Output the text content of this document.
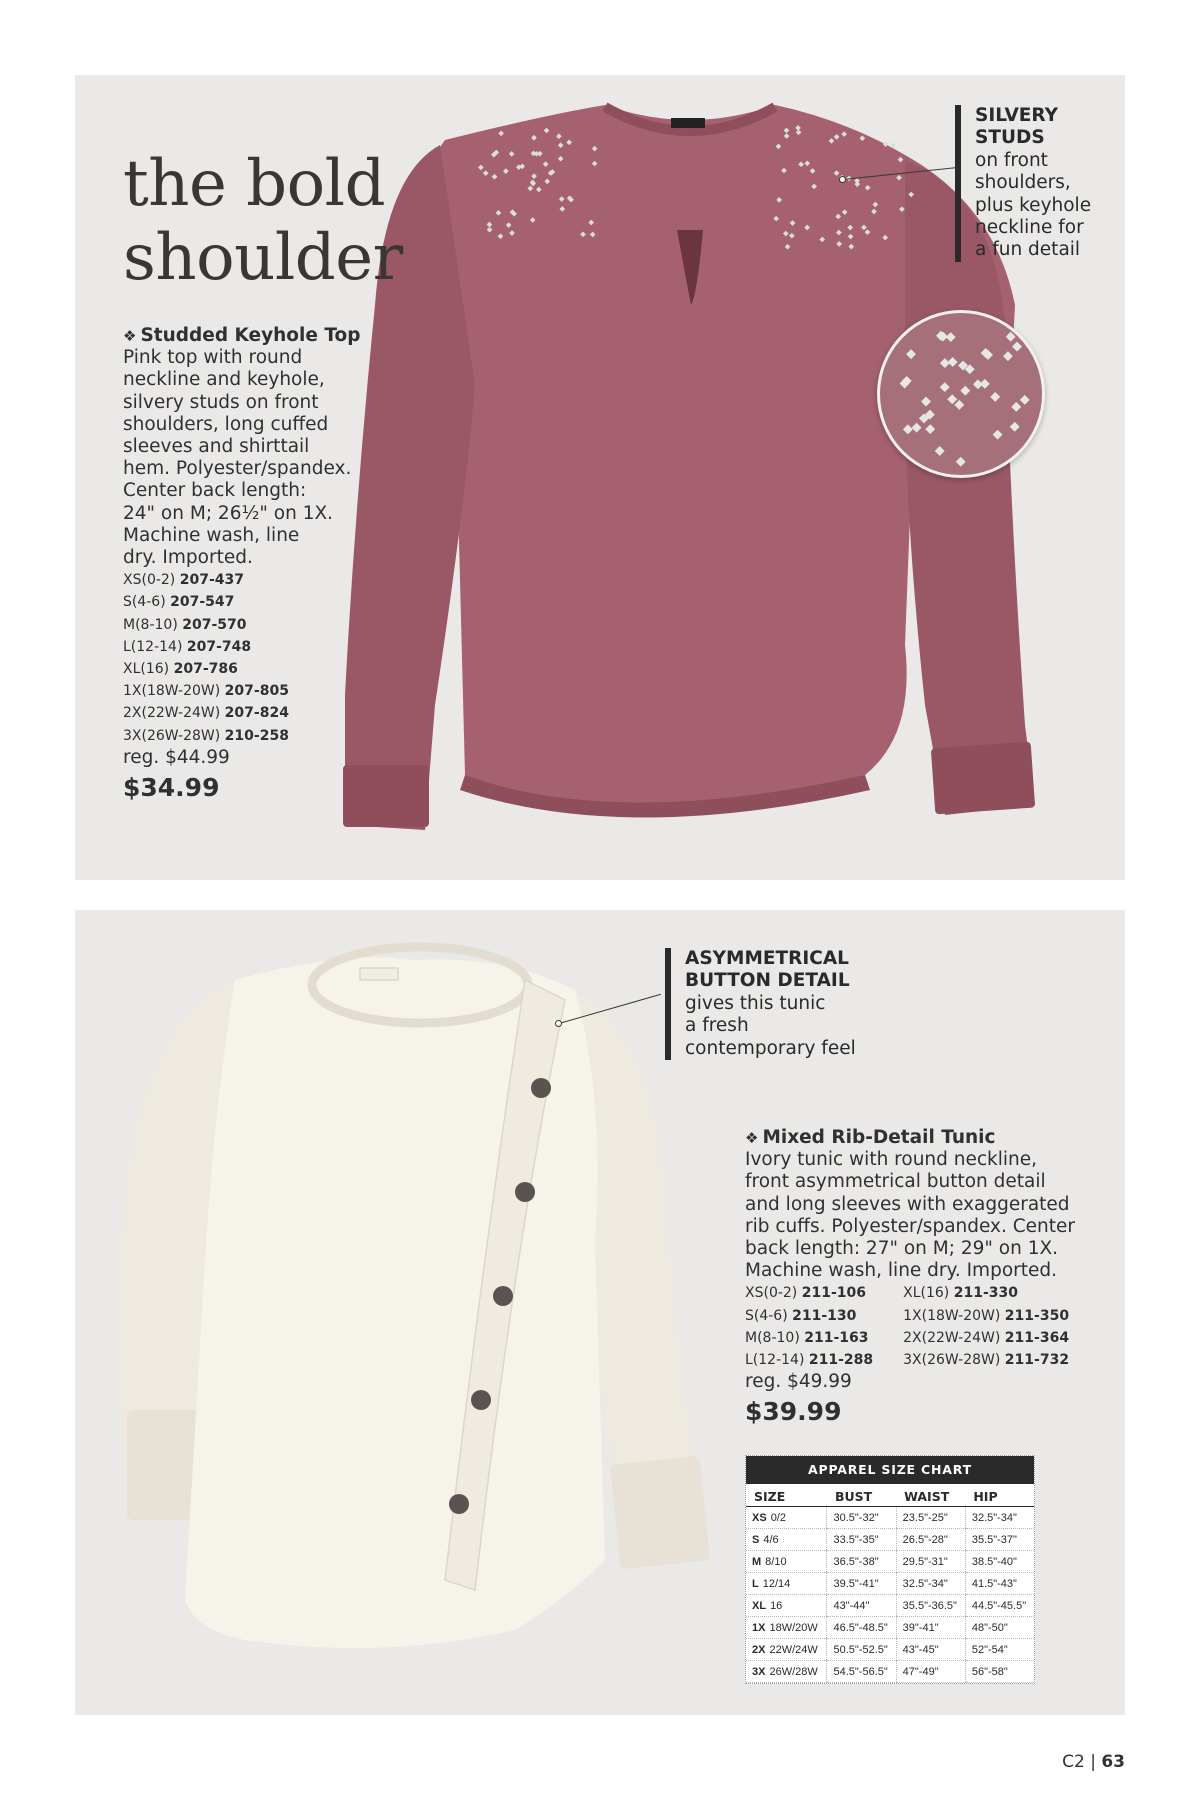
the bold
shoulder
❖ Studded Keyhole Top
Pink top with round
neckline and keyhole,
silvery studs on front
shoulders, long cuffed
sleeves and shirttail
hem. Polyester/spandex.
Center back length:
24" on M; 26½" on 1X.
Machine wash, line
dry. Imported.
XS(0-2) 207-437
S(4-6) 207-547
M(8-10) 207-570
L(12-14) 207-748
XL(16) 207-786
1X(18W-20W) 207-805
2X(22W-24W) 207-824
3X(26W-28W) 210-258
reg. $44.99
$34.99
SILVERY
STUDS
on front
shoulders,
plus keyhole
neckline for
a fun detail
ASYMMETRICAL
BUTTON DETAIL
gives this tunic
a fresh
contemporary feel
❖ Mixed Rib-Detail Tunic
Ivory tunic with round neckline,
front asymmetrical button detail
and long sleeves with exaggerated
rib cuffs. Polyester/spandex. Center
back length: 27" on M; 29" on 1X.
Machine wash, line dry. Imported.
XS(0-2) 211-106
S(4-6) 211-130
M(8-10) 211-163
L(12-14) 211-288
XL(16) 211-330
1X(18W-20W) 211-350
2X(22W-24W) 211-364
3X(26W-28W) 211-732
reg. $49.99
$39.99
APPAREL SIZE CHART
SIZE	BUST	WAIST	HIP
XS 0/2	30.5"-32"	23.5"-25"	32.5"-34"
S 4/6	33.5"-35"	26.5"-28"	35.5"-37"
M 8/10	36.5"-38"	29.5"-31"	38.5"-40"
L 12/14	39.5"-41"	32.5"-34"	41.5"-43"
XL 16	43"-44"	35.5"-36.5"	44.5"-45.5"
1X 18W/20W	46.5"-48.5"	39"-41"	48"-50"
2X 22W/24W	50.5"-52.5"	43"-45"	52"-54"
3X 26W/28W	54.5"-56.5"	47"-49"	56"-58"
C2 | 63
